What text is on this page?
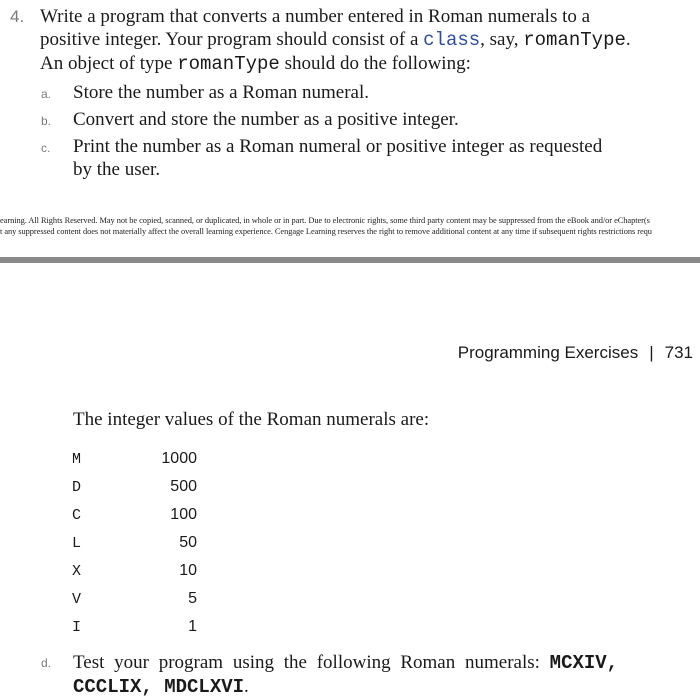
4. Write a program that converts a number entered in Roman numerals to a
positive integer. Your program should consist of a class, say, romanType.
An object of type romanType should do the following:
a. Store the number as a Roman numeral.
b. Convert and store the number as a positive integer.
c. Print the number as a Roman numeral or positive integer as requested
by the user.
earning. All Rights Reserved. May not be copied, scanned, or duplicated, in whole or in part. Due to electronic rights, some third party content may be suppressed from the eBook and/or eChapter(s
t any suppressed content does not materially affect the overall learning experience. Cengage Learning reserves the right to remove additional content at any time if subsequent rights restrictions requ
Programming Exercises | 731
The integer values of the Roman numerals are:
M	1000
D	500
C	100
L	50
X	10
V	5
I	1
d. Test your program using the following Roman numerals: MCXIV,
CCCLIX, MDCLXVI.
